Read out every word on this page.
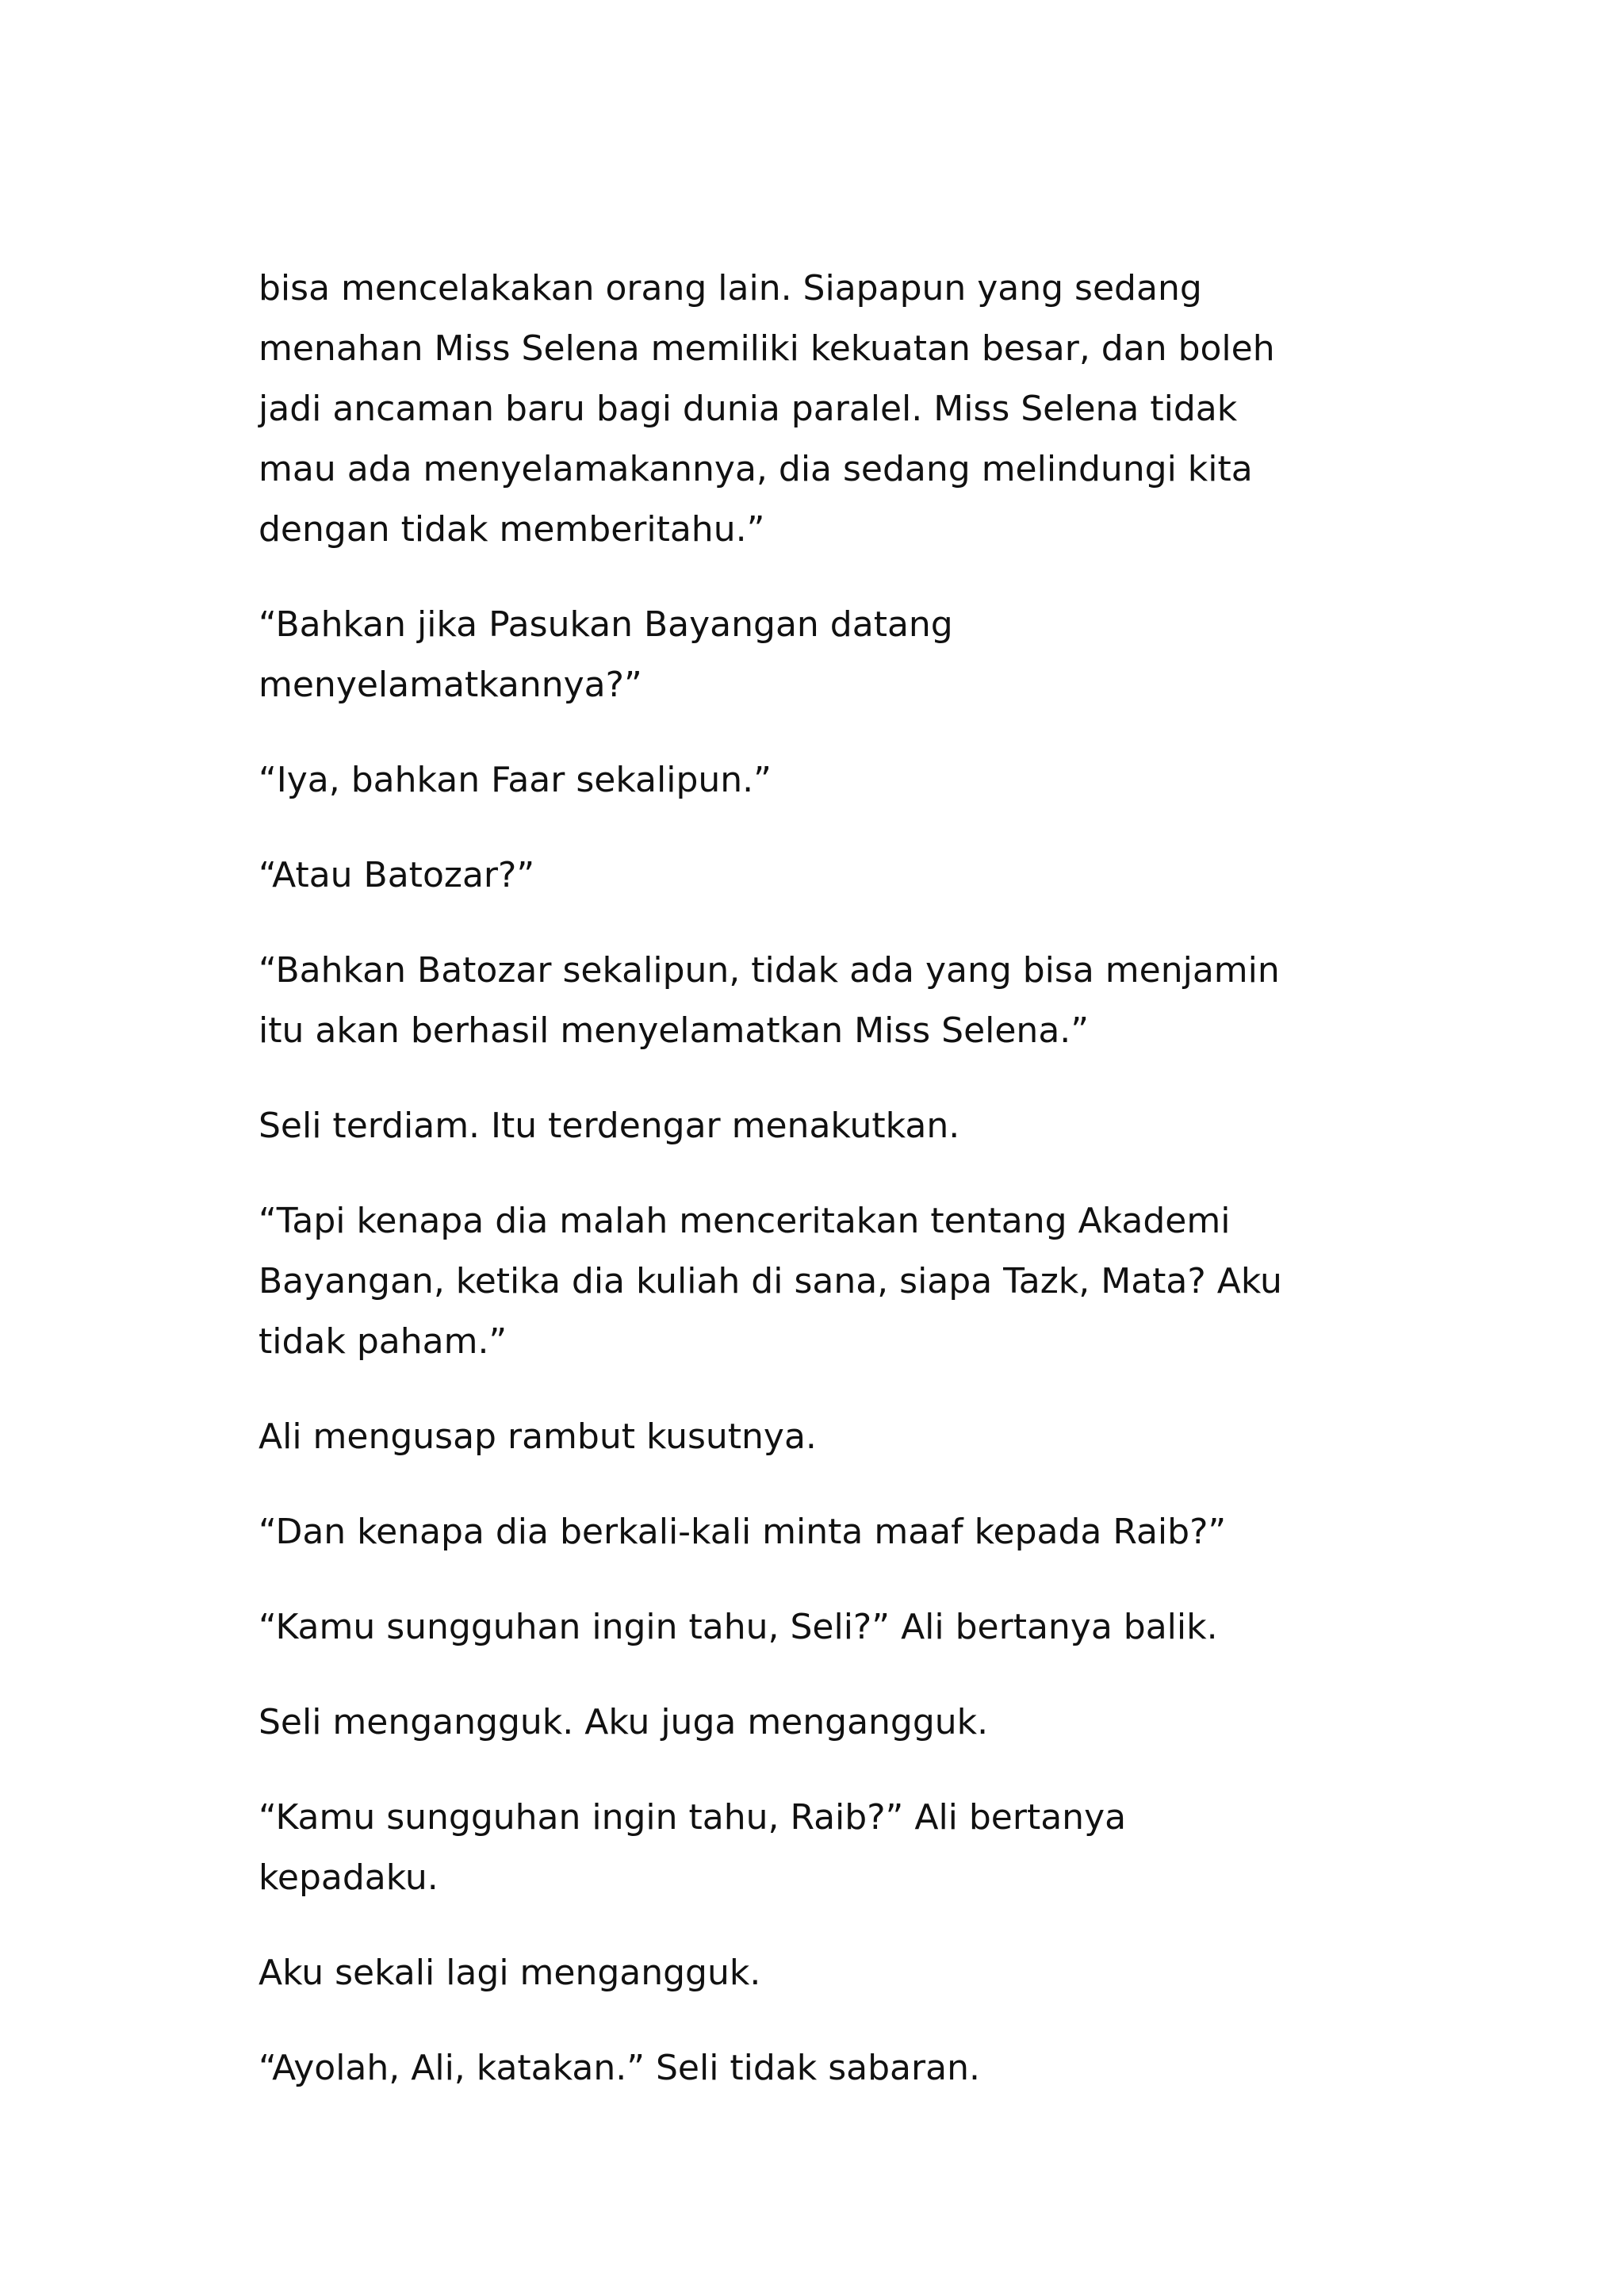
bisa mencelakakan orang lain. Siapapun yang sedang
menahan Miss Selena memiliki kekuatan besar, dan boleh
jadi ancaman baru bagi dunia paralel. Miss Selena tidak
mau ada menyelamakannya, dia sedang melindungi kita
dengan tidak memberitahu.”

“Bahkan jika Pasukan Bayangan datang
menyelamatkannya?”

“Iya, bahkan Faar sekalipun.”

“Atau Batozar?”

“Bahkan Batozar sekalipun, tidak ada yang bisa menjamin
itu akan berhasil menyelamatkan Miss Selena.”

Seli terdiam. Itu terdengar menakutkan.

“Tapi kenapa dia malah menceritakan tentang Akademi
Bayangan, ketika dia kuliah di sana, siapa Tazk, Mata? Aku
tidak paham.”

Ali mengusap rambut kusutnya.

“Dan kenapa dia berkali-kali minta maaf kepada Raib?”

“Kamu sungguhan ingin tahu, Seli?” Ali bertanya balik.

Seli mengangguk. Aku juga mengangguk.

“Kamu sungguhan ingin tahu, Raib?” Ali bertanya
kepadaku.

Aku sekali lagi mengangguk.

“Ayolah, Ali, katakan.” Seli tidak sabaran.
